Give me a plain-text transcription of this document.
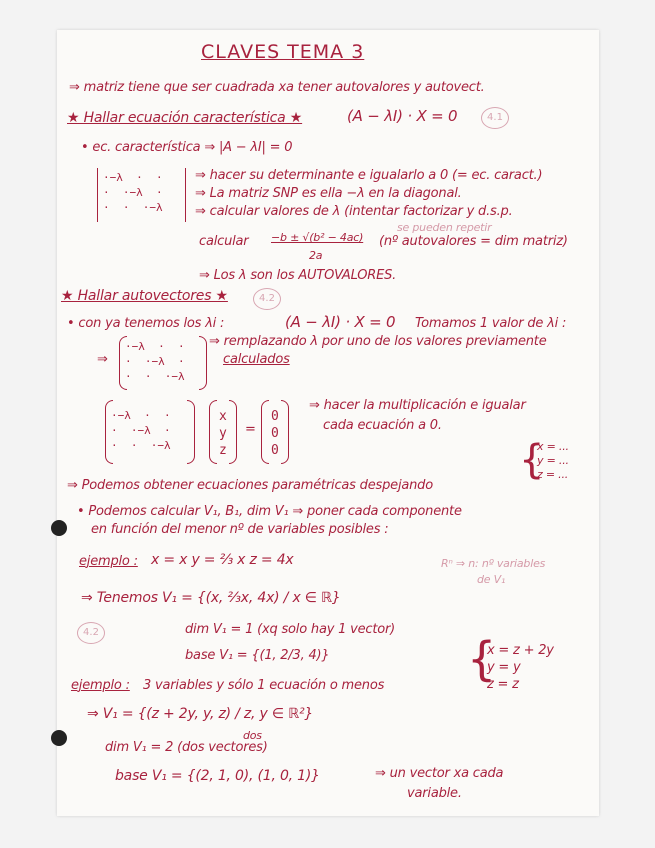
CLAVES TEMA 3
⇒ matriz tiene que ser cuadrada xa tener autovalores y autovect.
★ Hallar ecuación característica ★	(A − λI) · X = 0	4.1
• ec. característica ⇒ |A − λI| = 0
·−λ  ·  ·
·  ·−λ  ·
·  ·  ·−λ
⇒ hacer su determinante e igualarlo a 0 (= ec. caract.)
⇒ La matriz SNP es ella −λ en la diagonal.
⇒ calcular valores de λ (intentar factorizar y d.s.p.
se pueden repetir
calcular −b ± √(b² − 4ac)
2a
(nº autovalores = dim matriz)
⇒ Los λ son los AUTOVALORES.
★ Hallar autovectores ★	4.2
• con ya tenemos los λi :	(A − λI) · X = 0 Tomamos 1 valor de λi :
⇒
·−λ  ·  ·
·  ·−λ  ·
·  ·  ·−λ
⇒ remplazando λ por uno de los valores previamente
calculados
·−λ  ·  ·
·  ·−λ  ·
·  ·  ·−λ
x
y
z
=
0
0
0
⇒ hacer la multiplicación e igualar
cada ecuación a 0.
⇒ Podemos obtener ecuaciones paramétricas despejando
{
x = ...
y = ...
z = ...
• Podemos calcular V₁, B₁, dim V₁ ⇒ poner cada componente
en función del menor nº de variables posibles :
ejemplo : x = x y = ⅔ x z = 4x	Rⁿ ⇒ n: nº variables
de V₁
⇒ Tenemos V₁ = {(x, ⅔x, 4x) / x ∈ ℝ}
4.2	dim V₁ = 1 (xq solo hay 1 vector)
base V₁ = {(1, 2/3, 4)}	{
x = z + 2y
y = y
z = z
ejemplo : 3 variables y sólo 1 ecuación o menos
⇒ V₁ = {(z + 2y, y, z) / z, y ∈ ℝ²}
dos
dim V₁ = 2 (dos vectores)
base V₁ = {(2, 1, 0), (1, 0, 1)}	⇒ un vector xa cada
variable.
